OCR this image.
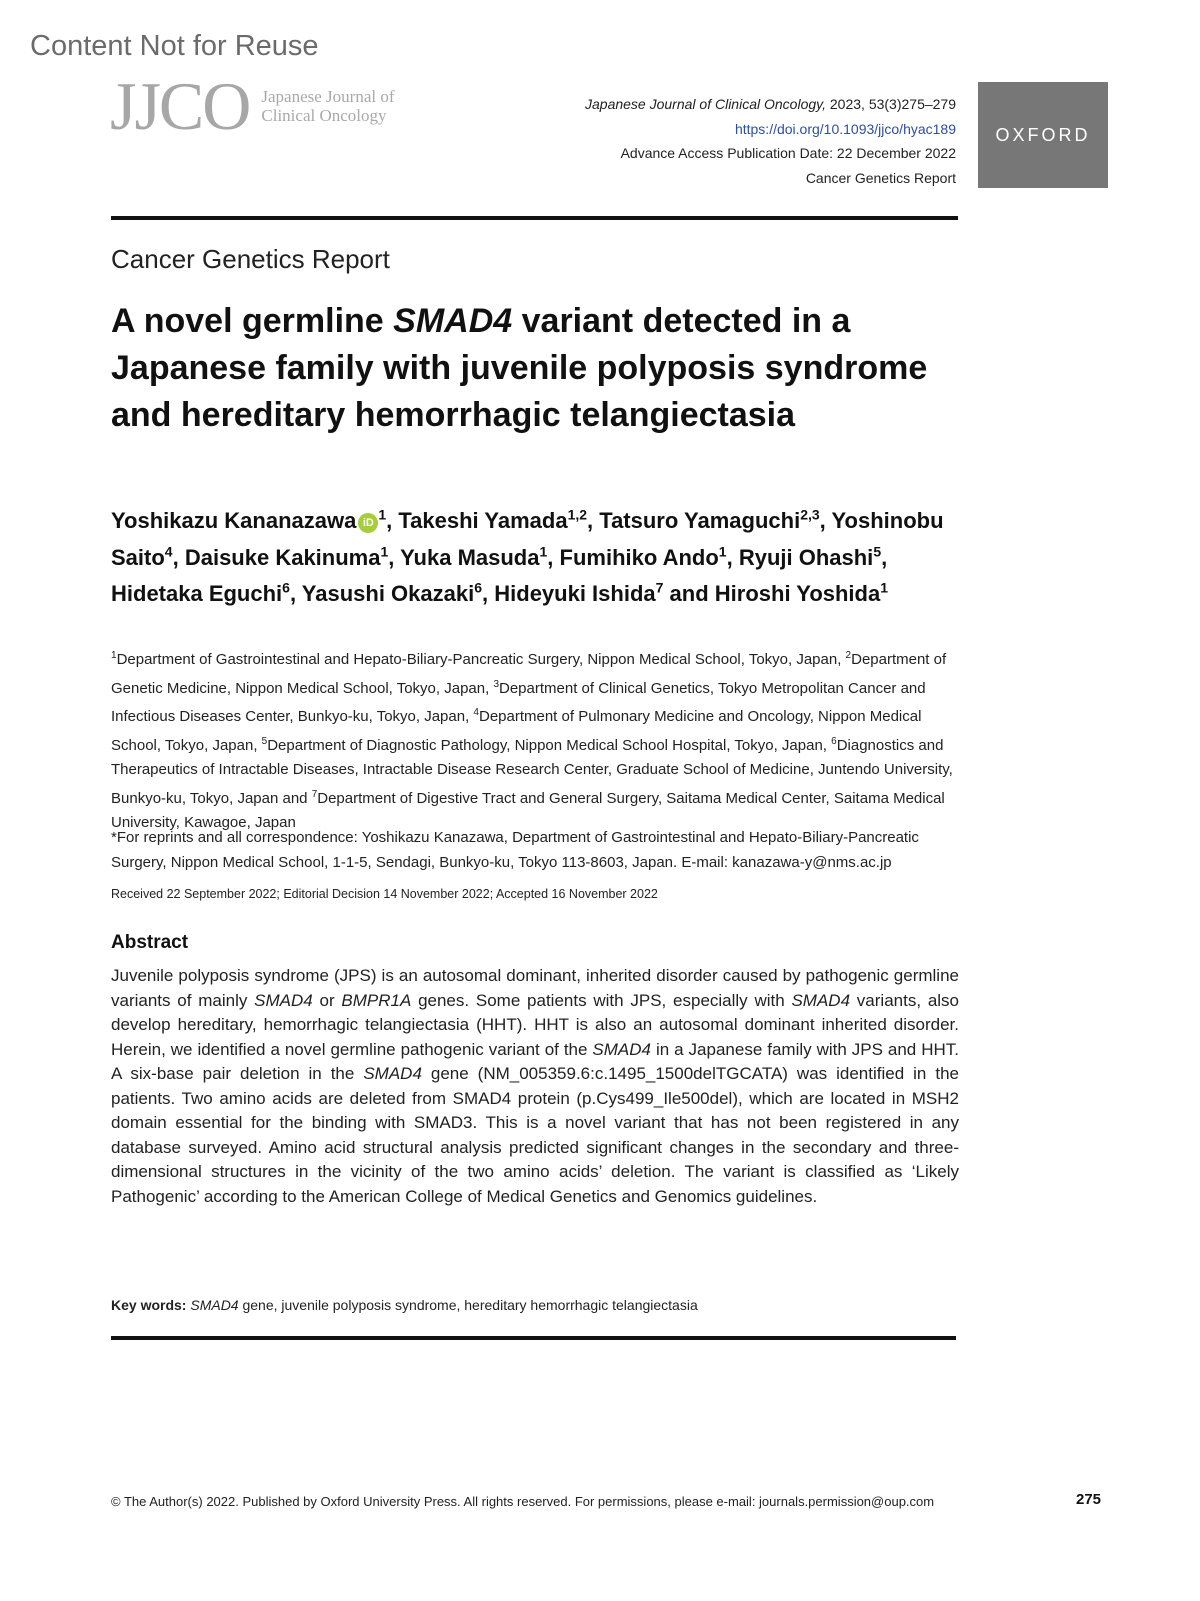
Content Not for Reuse
JJCO Japanese Journal of
Clinical Oncology
Japanese Journal of Clinical Oncology, 2023, 53(3)275–279
https://doi.org/10.1093/jjco/hyac189
Advance Access Publication Date: 22 December 2022
Cancer Genetics Report
OXFORD
Cancer Genetics Report
A novel germline SMAD4 variant detected in a Japanese family with juvenile polyposis syndrome and hereditary hemorrhagic telangiectasia
Yoshikazu Kananazawa $iD^1$, Takeshi Yamada$^{1,2}$, Tatsuro Yamaguchi$^{2,3}$, Yoshinobu Saito$^4$, Daisuke Kakinuma$^1$, Yuka Masuda$^1$, Fumihiko Ando$^1$, Ryuji Ohashi$^5$, Hidetaka Eguchi$^6$, Yasushi Okazaki$^6$, Hideyuki Ishida$^7$ and Hiroshi Yoshida$^1$
$^1$Department of Gastrointestinal and Hepato-Biliary-Pancreatic Surgery, Nippon Medical School, Tokyo, Japan, $^2$Department of Genetic Medicine, Nippon Medical School, Tokyo, Japan, $^3$Department of Clinical Genetics, Tokyo Metropolitan Cancer and Infectious Diseases Center, Bunkyo-ku, Tokyo, Japan, $^4$Department of Pulmonary Medicine and Oncology, Nippon Medical School, Tokyo, Japan, $^5$Department of Diagnostic Pathology, Nippon Medical School Hospital, Tokyo, Japan, $^6$Diagnostics and Therapeutics of Intractable Diseases, Intractable Disease Research Center, Graduate School of Medicine, Juntendo University, Bunkyo-ku, Tokyo, Japan and $^7$Department of Digestive Tract and General Surgery, Saitama Medical Center, Saitama Medical University, Kawagoe, Japan
*For reprints and all correspondence: Yoshikazu Kanazawa, Department of Gastrointestinal and Hepato-Biliary-Pancreatic Surgery, Nippon Medical School, 1-1-5, Sendagi, Bunkyo-ku, Tokyo 113-8603, Japan. E-mail: kanazawa-y@nms.ac.jp
Received 22 September 2022; Editorial Decision 14 November 2022; Accepted 16 November 2022
Abstract

Juvenile polyposis syndrome (JPS) is an autosomal dominant, inherited disorder caused by pathogenic germline variants of mainly SMAD4 or BMPR1A genes. Some patients with JPS, especially with SMAD4 variants, also develop hereditary, hemorrhagic telangiectasia (HHT). HHT is also an autosomal dominant inherited disorder. Herein, we identified a novel germline pathogenic variant of the SMAD4 in a Japanese family with JPS and HHT. A six-base pair deletion in the SMAD4 gene (NM_005359.6:c.1495_1500delTGCATA) was identified in the patients. Two amino acids are deleted from SMAD4 protein (p.Cys499_Ile500del), which are located in MSH2 domain essential for the binding with SMAD3. This is a novel variant that has not been registered in any database surveyed. Amino acid structural analysis predicted significant changes in the secondary and three-dimensional structures in the vicinity of the two amino acids’ deletion. The variant is classified as ‘Likely Pathogenic’ according to the American College of Medical Genetics and Genomics guidelines.

Key words: SMAD4 gene, juvenile polyposis syndrome, hereditary hemorrhagic telangiectasia
© The Author(s) 2022. Published by Oxford University Press. All rights reserved. For permissions, please e-mail: journals.permission@oup.com	275
